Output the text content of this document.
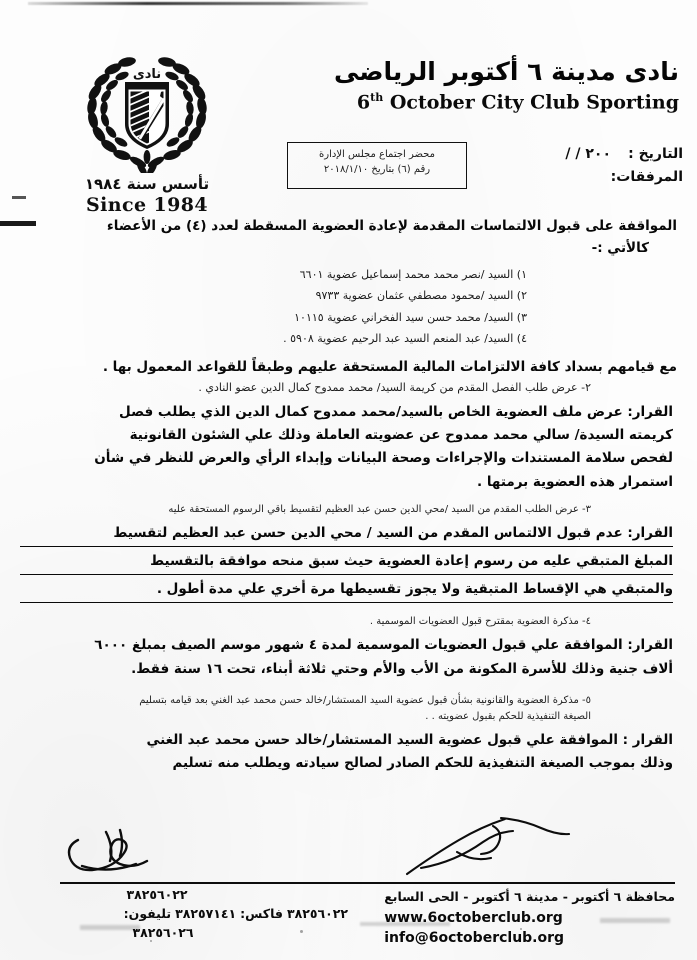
نادى
تأسس سنة ١٩٨٤
Since 1984
نادى مدينة ٦ أكتوبر الرياضى
6th October City Club Sporting
التاريخ :
٢٠٠ / /
المرفقات:
محضر اجتماع مجلس الإدارة
رقم (٦) بتاريخ ٢٠١٨/١/١٠
المواقفة على قبول الالتماسات المقدمة لإعادة العضوية المسقطة لعدد (٤) من الأعضاء
كالأتي :-
١) السيد /نصر محمد محمد إسماعيل عضوية ٦٦٠١
٢) السيد /محمود مصطفي عثمان عضوية ٩٧٣٣
٣) السيد/ محمد حسن سيد الفخراني عضوية ١٠١١٥
٤) السيد/ عبد المنعم السيد عبد الرحيم عضوية ٥٩٠٨ .
مع قيامهم بسداد كافة الالتزامات المالية المستحقة عليهم وطبقاً للقواعد المعمول بها .
٢- عرض طلب الفصل المقدم من كريمة السيد/ محمد ممدوح كمال الدين عضو النادي .
القرار: عرض ملف العضوية الخاص بالسيد/محمد ممدوح كمال الدين الذي يطلب فصل
كريمته السيدة/ سالي محمد ممدوح عن عضويته العاملة وذلك علي الشئون القانونية
لفحص سلامة المستندات والإجراءات وصحة البيانات وإبداء الرأي والعرض للنظر في شأن
استمرار هذه العضوية برمتها .
٣- عرض الطلب المقدم من السيد /محي الدين حسن عبد العظيم لتقسيط باقي الرسوم المستحقة عليه
القرار: عدم قبول الالتماس المقدم من السيد / محي الدين حسن عبد العظيم لتقسيط
المبلغ المتبقي عليه من رسوم إعادة العضوية حيث سبق منحه موافقة بالتقسيط
والمتبقي هي الإقساط المتبقية ولا يجوز تقسيطها مرة أخري علي مدة أطول .
٤- مذكرة العضوية بمقترح قبول العضويات الموسمية .
القرار: الموافقة علي قبول العضويات الموسمية لمدة ٤ شهور موسم الصيف بمبلغ ٦٠٠٠
ألاف جنية وذلك للأسرة المكونة من الأب والأم وحتي ثلاثة أبناء، تحت ١٦ سنة فقط.
٥- مذكرة العضوية والقانونية بشأن قبول عضوية السيد المستشار/خالد حسن محمد عبد الغني بعد قيامه بتسليم
الصيغة التنفيذية للحكم بقبول عضويته . .
القرار : الموافقة علي قبول عضوية السيد المستشار/خالد حسن محمد عبد الغني
وذلك بموجب الصيغة التنفيذية للحكم الصادر لصالح سيادته ويطلب منه تسليم
محافظة ٦ أكتوبر - مدينة ٦ أكتوبر - الحى السابع
www.6octoberclub.org
info@6octoberclub.org
٣٨٢٥٦٠٢٢
٣٨٢٥٦٠٢٢
فاكس:
٣٨٢٥٧١٤١
تليفون:
٣٨٢٥٦٠٢٦
